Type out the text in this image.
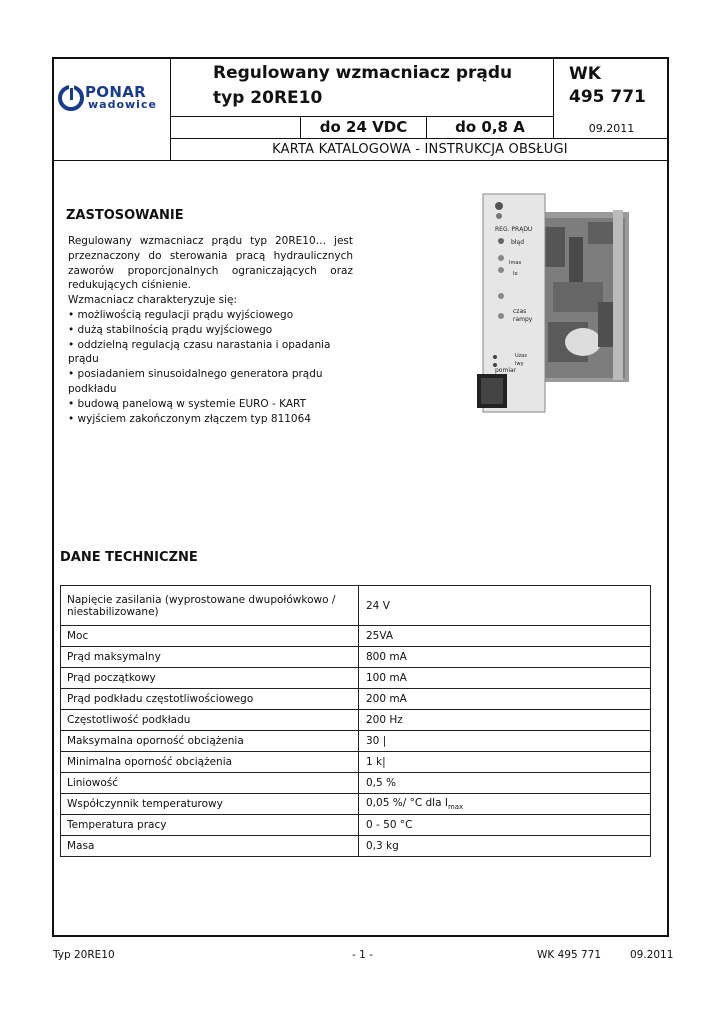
PONAR
wadowice
Regulowany wzmacniacz prądu
typ 20RE10
WK
495 771
do 24 VDC	do 0,8 A	09.2011
KARTA KATALOGOWA - INSTRUKCJA OBSŁUGI
ZASTOSOWANIE

Regulowany wzmacniacz prądu typ 20RE10… jest przeznaczony do sterowania pracą hydraulicznych zaworów proporcjonalnych ograniczających oraz redukujących ciśnienie.

Wzmacniacz charakteryzuje się:
• możliwością regulacji prądu wyjściowego
• dużą stabilnością prądu wyjściowego
• oddzielną regulacją czasu narastania i opadania prądu
• posiadaniem sinusoidalnego generatora prądu podkładu
• budową panelową w systemie EURO - KART
• wyjściem zakończonym złączem typ 811064
REG. PRĄDU
błąd
Imax
Io
czas
rampy
Uzas
Iwy
pomiar
DANE TECHNICZNE
Napięcie zasilania (wyprostowane dwupołówkowo / niestabilizowane)	24 V
Moc	25VA
Prąd maksymalny	800 mA
Prąd początkowy	100 mA
Prąd podkładu częstotliwościowego	200 mA
Częstotliwość podkładu	200 Hz
Maksymalna oporność obciążenia	30 |
Minimalna oporność obciążenia	1 k|
Liniowość	0,5 %
Współczynnik temperaturowy	0,05 %/ °C dla $I_{max}$
Temperatura pracy	0 - 50 °C
Masa	0,3 kg
Typ 20RE10	- 1 -	WK 495 771	09.2011
